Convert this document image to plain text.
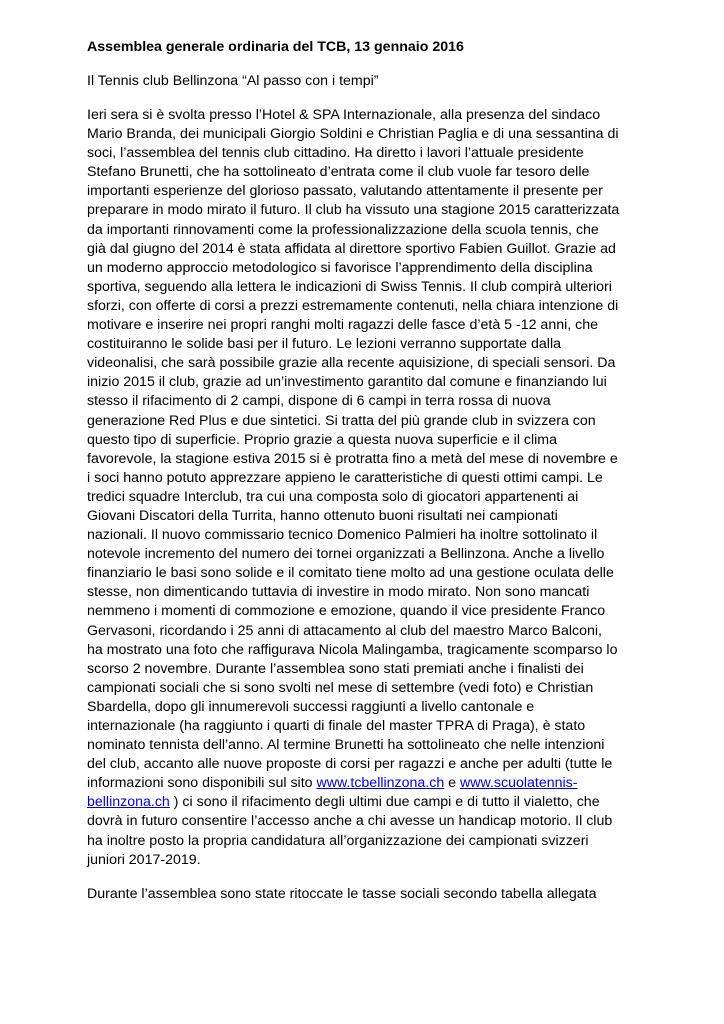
Assemblea generale ordinaria del TCB, 13 gennaio 2016
Il Tennis club Bellinzona “Al passo con i tempi”
Ieri sera si è svolta presso l’Hotel & SPA Internazionale, alla presenza del sindaco
Mario Branda, dei municipali Giorgio Soldini e Christian Paglia e di una sessantina di
soci, l’assemblea del tennis club cittadino. Ha diretto i lavori l’attuale presidente
Stefano Brunetti, che ha sottolineato d’entrata come il club vuole far tesoro delle
importanti esperienze del glorioso passato, valutando attentamente il presente per
preparare in modo mirato il futuro. Il club ha vissuto una stagione 2015 caratterizzata
da importanti rinnovamenti come la professionalizzazione della scuola tennis, che
già dal giugno del 2014 è stata affidata al direttore sportivo Fabien Guillot. Grazie ad
un moderno approccio metodologico si favorisce l’apprendimento della disciplina
sportiva, seguendo alla lettera le indicazioni di Swiss Tennis. Il club compirà ulteriori
sforzi, con offerte di corsi a prezzi estremamente contenuti, nella chiara intenzione di
motivare e inserire nei propri ranghi molti ragazzi delle fasce d’età 5 -12 anni, che
costituiranno le solide basi per il futuro. Le lezioni verranno supportate dalla
videonalisi, che sarà possibile grazie alla recente aquisizione, di speciali sensori. Da
inizio 2015 il club, grazie ad un’investimento garantito dal comune e finanziando lui
stesso il rifacimento di 2 campi, dispone di 6 campi in terra rossa di nuova
generazione Red Plus e due sintetici. Si tratta del più grande club in svizzera con
questo tipo di superficie. Proprio grazie a questa nuova superficie e il clima
favorevole, la stagione estiva 2015 si è protratta fino a metà del mese di novembre e
i soci hanno potuto apprezzare appieno le caratteristiche di questi ottimi campi. Le
tredici squadre Interclub, tra cui una composta solo di giocatori appartenenti ai
Giovani Discatori della Turrita, hanno ottenuto buoni risultati nei campionati
nazionali. Il nuovo commissario tecnico Domenico Palmieri ha inoltre sottolinato il
notevole incremento del numero dei tornei organizzati a Bellinzona. Anche a livello
finanziario le basi sono solide e il comitato tiene molto ad una gestione oculata delle
stesse, non dimenticando tuttavia di investire in modo mirato. Non sono mancati
nemmeno i momenti di commozione e emozione, quando il vice presidente Franco
Gervasoni, ricordando i 25 anni di attacamento al club del maestro Marco Balconi,
ha mostrato una foto che raffigurava Nicola Malingamba, tragicamente scomparso lo
scorso 2 novembre. Durante l’assemblea sono stati premiati anche i finalisti dei
campionati sociali che si sono svolti nel mese di settembre (vedi foto) e Christian
Sbardella, dopo gli innumerevoli successi raggiunti a livello cantonale e
internazionale (ha raggiunto i quarti di finale del master TPRA di Praga), è stato
nominato tennista dell’anno. Al termine Brunetti ha sottolineato che nelle intenzioni
del club, accanto alle nuove proposte di corsi per ragazzi e anche per adulti (tutte le
informazioni sono disponibili sul sito www.tcbellinzona.ch e www.scuolatennis-
bellinzona.ch ) ci sono il rifacimento degli ultimi due campi e di tutto il vialetto, che
dovrà in futuro consentire l’accesso anche a chi avesse un handicap motorio. Il club
ha inoltre posto la propria candidatura all’organizzazione dei campionati svizzeri
juniori 2017-2019.
Durante l’assemblea sono state ritoccate le tasse sociali secondo tabella allegata
